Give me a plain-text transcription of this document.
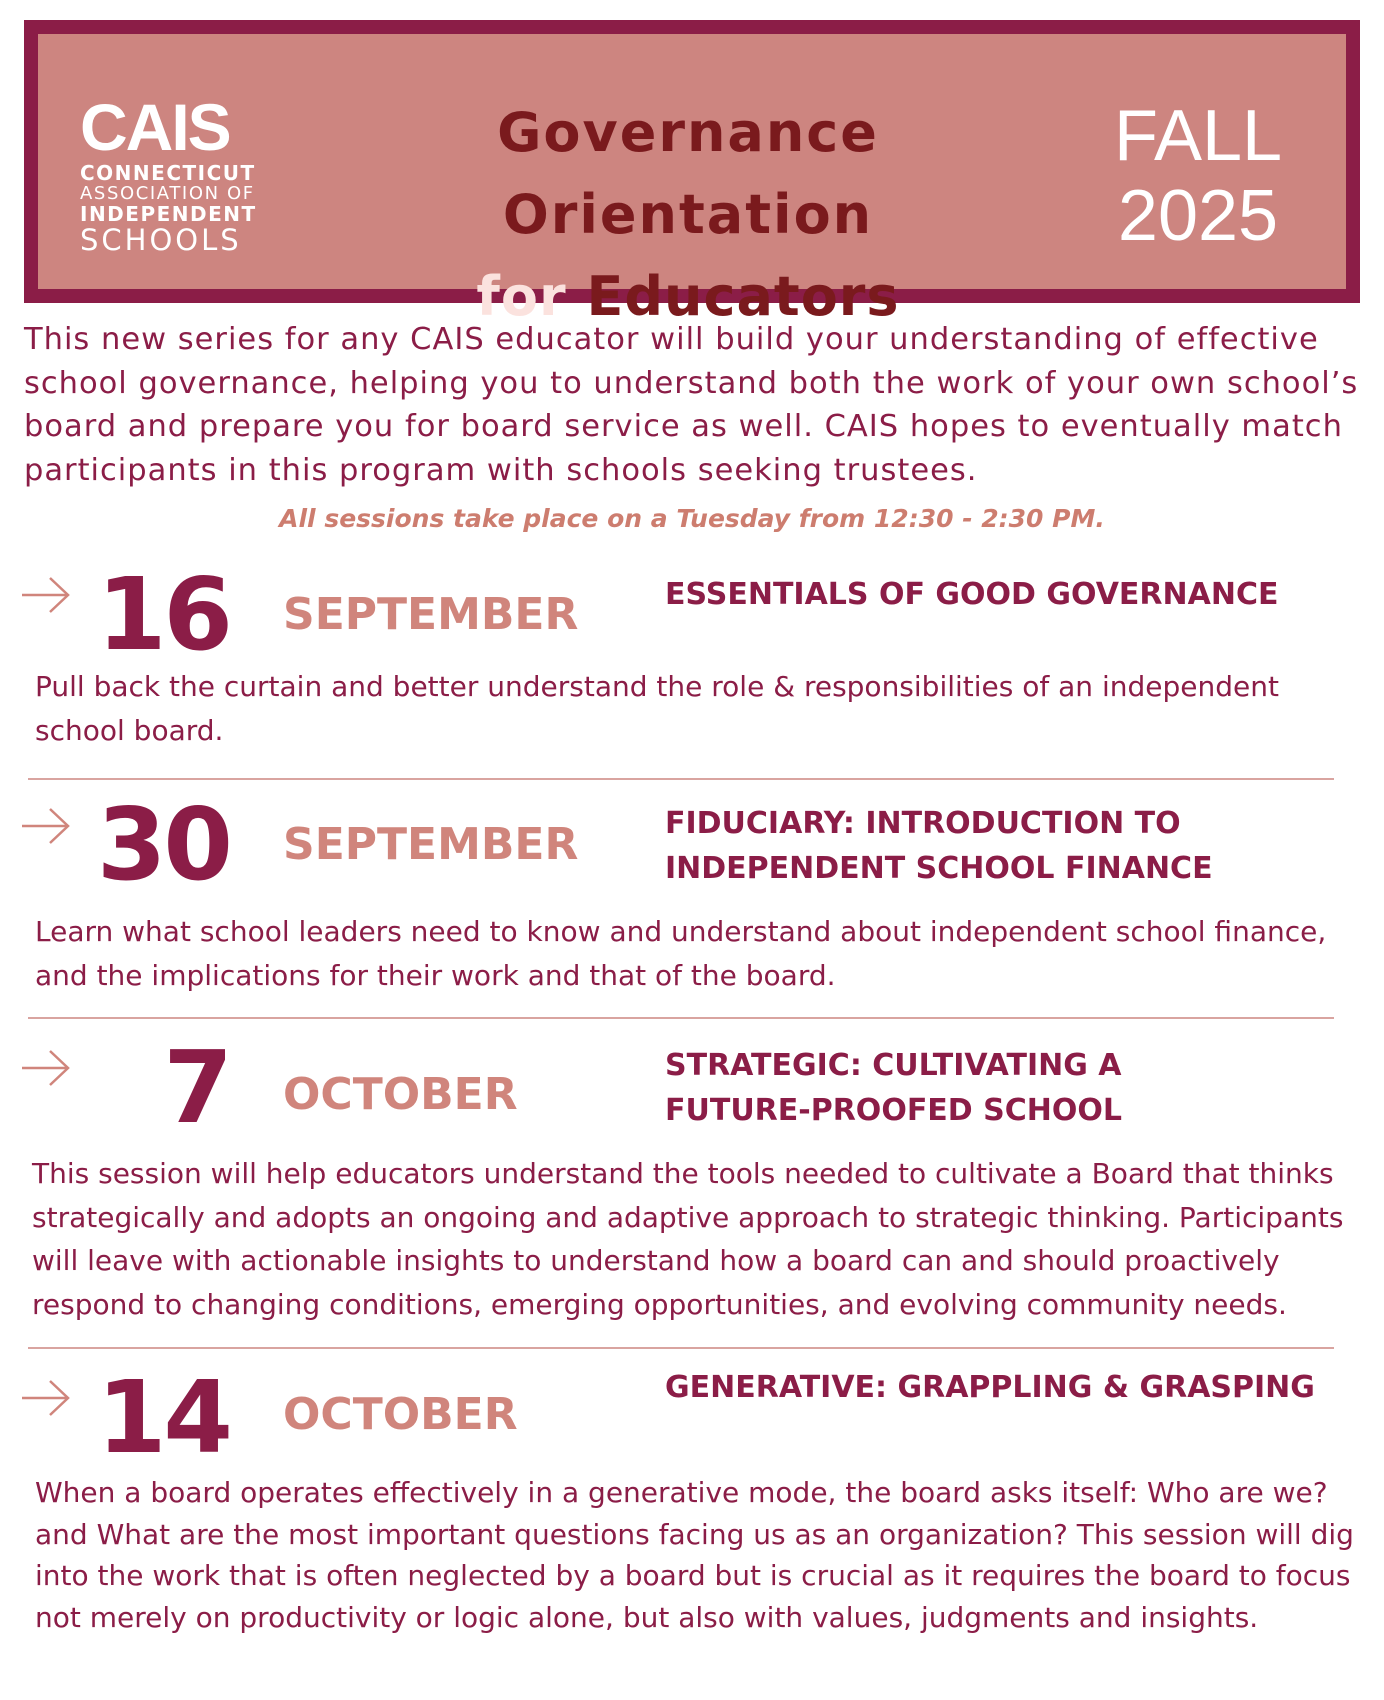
CAIS
CONNECTICUT
ASSOCIATION OF
INDEPENDENT
SCHOOLS
Governance Orientation
for Educators
FALL
2025
This new series for any CAIS educator will build your understanding of effective school governance, helping you to understand both the work of your own school’s board and prepare you for board service as well. CAIS hopes to eventually match participants in this program with schools seeking trustees.
All sessions take place on a Tuesday from 12:30 - 2:30 PM.
16 SEPTEMBER	ESSENTIALS OF GOOD GOVERNANCE
Pull back the curtain and better understand the role & responsibilities of an independent school board.
30 SEPTEMBER	FIDUCIARY: INTRODUCTION TO INDEPENDENT SCHOOL FINANCE
Learn what school leaders need to know and understand about independent school finance, and the implications for their work and that of the board.
7 OCTOBER
STRATEGIC: CULTIVATING A FUTURE-PROOFED SCHOOL
This session will help educators understand the tools needed to cultivate a Board that thinks strategically and adopts an ongoing and adaptive approach to strategic thinking. Participants will leave with actionable insights to understand how a board can and should proactively respond to changing conditions, emerging opportunities, and evolving community needs.
14 OCTOBER
GENERATIVE: GRAPPLING & GRASPING
When a board operates effectively in a generative mode, the board asks itself: Who are we? and What are the most important questions facing us as an organization? This session will dig into the work that is often neglected by a board but is crucial as it requires the board to focus not merely on productivity or logic alone, but also with values, judgments and insights.
